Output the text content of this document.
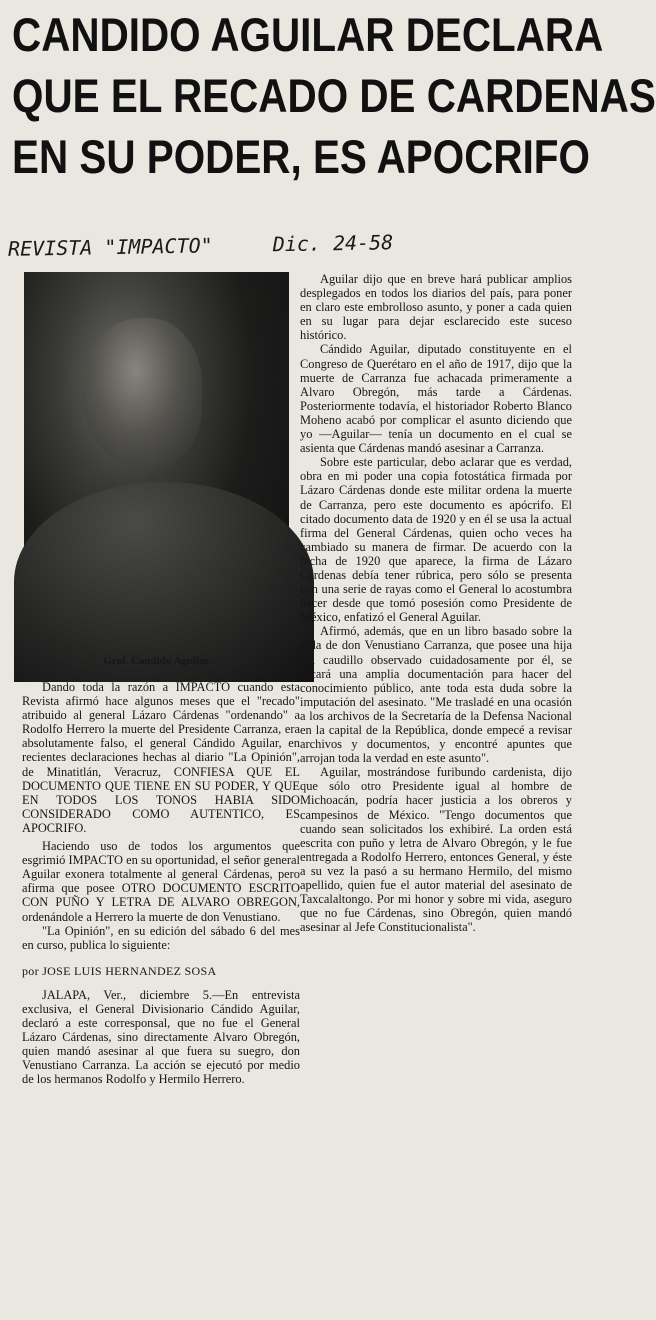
CANDIDO AGUILAR DECLARA
QUE EL RECADO DE CARDENAS
EN SU PODER, ES APOCRIFO
REVISTA "IMPACTO"	Dic. 24-58
Gral. Candido Aguilar

Dando toda la razón a IMPACTO cuando esta Revista afirmó hace algunos meses que el "recado" atribuido al general Lázaro Cárdenas "ordenando" a Rodolfo Herrero la muerte del Presidente Carranza, era absolutamente falso, el general Cándido Aguilar, en recientes declaraciones hechas al diario "La Opinión", de Minatitlán, Veracruz, CONFIESA QUE EL DOCUMENTO QUE TIENE EN SU PODER, Y QUE EN TODOS LOS TONOS HABIA SIDO CONSIDERADO COMO AUTENTICO, ES APOCRIFO.

Haciendo uso de todos los argumentos que esgrimió IMPACTO en su oportunidad, el señor general Aguilar exonera totalmente al general Cárdenas, pero afirma que posee OTRO DOCUMENTO ESCRITO CON PUÑO Y LETRA DE ALVARO OBREGON, ordenándole a Herrero la muerte de don Venustiano.

"La Opinión", en su edición del sábado 6 del mes en curso, publica lo siguiente:

por JOSE LUIS HERNANDEZ SOSA

JALAPA, Ver., diciembre 5.—En entrevista exclusiva, el General Divisionario Cándido Aguilar, declaró a este corresponsal, que no fue el General Lázaro Cárdenas, sino directamente Alvaro Obregón, quien mandó asesinar al que fuera su suegro, don Venustiano Carranza. La acción se ejecutó por medio de los hermanos Rodolfo y Hermilo Herrero.

Aguilar dijo que en breve hará publicar amplios desplegados en todos los diarios del país, para poner en claro este embrolloso asunto, y poner a cada quien en su lugar para dejar esclarecido este suceso histórico.

Cándido Aguilar, diputado constituyente en el Congreso de Querétaro en el año de 1917, dijo que la muerte de Carranza fue achacada primeramente a Alvaro Obregón, más tarde a Cárdenas. Posteriormente todavía, el historiador Roberto Blanco Moheno acabó por complicar el asunto diciendo que yo —Aguilar— tenía un documento en el cual se asienta que Cárdenas mandó asesinar a Carranza.

Sobre este particular, debo aclarar que es verdad, obra en mi poder una copia fotostática firmada por Lázaro Cárdenas donde este militar ordena la muerte de Carranza, pero este documento es apócrifo. El citado documento data de 1920 y en él se usa la actual firma del General Cárdenas, quien ocho veces ha cambiado su manera de firmar. De acuerdo con la fecha de 1920 que aparece, la firma de Lázaro Cárdenas debía tener rúbrica, pero sólo se presenta con una serie de rayas como el General lo acostumbra hacer desde que tomó posesión como Presidente de México, enfatizó el General Aguilar.

Afirmó, además, que en un libro basado sobre la vida de don Venustiano Carranza, que posee una hija del caudillo observado cuidadosamente por él, se sacará una amplia documentación para hacer del conocimiento público, ante toda esta duda sobre la imputación del asesinato. "Me trasladé en una ocasión a los archivos de la Secretaría de la Defensa Nacional en la capital de la República, donde empecé a revisar archivos y documentos, y encontré apuntes que arrojan toda la verdad en este asunto".

Aguilar, mostrándose furibundo cardenista, dijo que sólo otro Presidente igual al hombre de Michoacán, podría hacer justicia a los obreros y campesinos de México. "Tengo documentos que cuando sean solicitados los exhibiré. La orden está escrita con puño y letra de Alvaro Obregón, y le fue entregada a Rodolfo Herrero, entonces General, y éste a su vez la pasó a su hermano Hermilo, del mismo apellido, quien fue el autor material del asesinato de Taxcalaltongo. Por mi honor y sobre mi vida, aseguro que no fue Cárdenas, sino Obregón, quien mandó asesinar al Jefe Constitucionalista".
